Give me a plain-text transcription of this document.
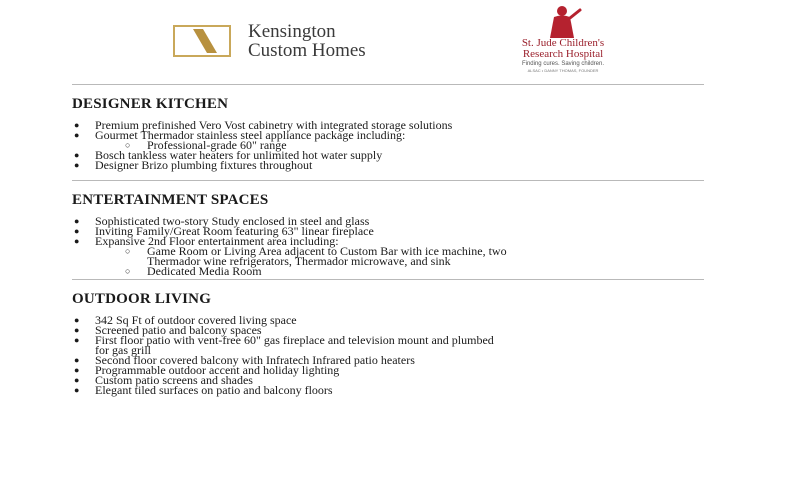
Kensington
Custom Homes	St. Jude Children's
Research Hospital
Finding cures. Saving children.
ALSAC • DANNY THOMAS, FOUNDER
DESIGNER KITCHEN
● Premium prefinished Vero Vost cabinetry with integrated storage solutions
● Gourmet Thermador stainless steel appliance package including:
○ Professional-grade 60" range
● Bosch tankless water heaters for unlimited hot water supply
● Designer Brizo plumbing fixtures throughout
ENTERTAINMENT SPACES
● Sophisticated two-story Study enclosed in steel and glass
● Inviting Family/Great Room featuring 63" linear fireplace
● Expansive 2nd Floor entertainment area including:
○ Game Room or Living Area adjacent to Custom Bar with ice machine, two
Thermador wine refrigerators, Thermador microwave, and sink
○ Dedicated Media Room
OUTDOOR LIVING
● 342 Sq Ft of outdoor covered living space
● Screened patio and balcony spaces
● First floor patio with vent-free 60" gas fireplace and television mount and plumbed
for gas grill
● Second floor covered balcony with Infratech Infrared patio heaters
● Programmable outdoor accent and holiday lighting
● Custom patio screens and shades
● Elegant tiled surfaces on patio and balcony floors
